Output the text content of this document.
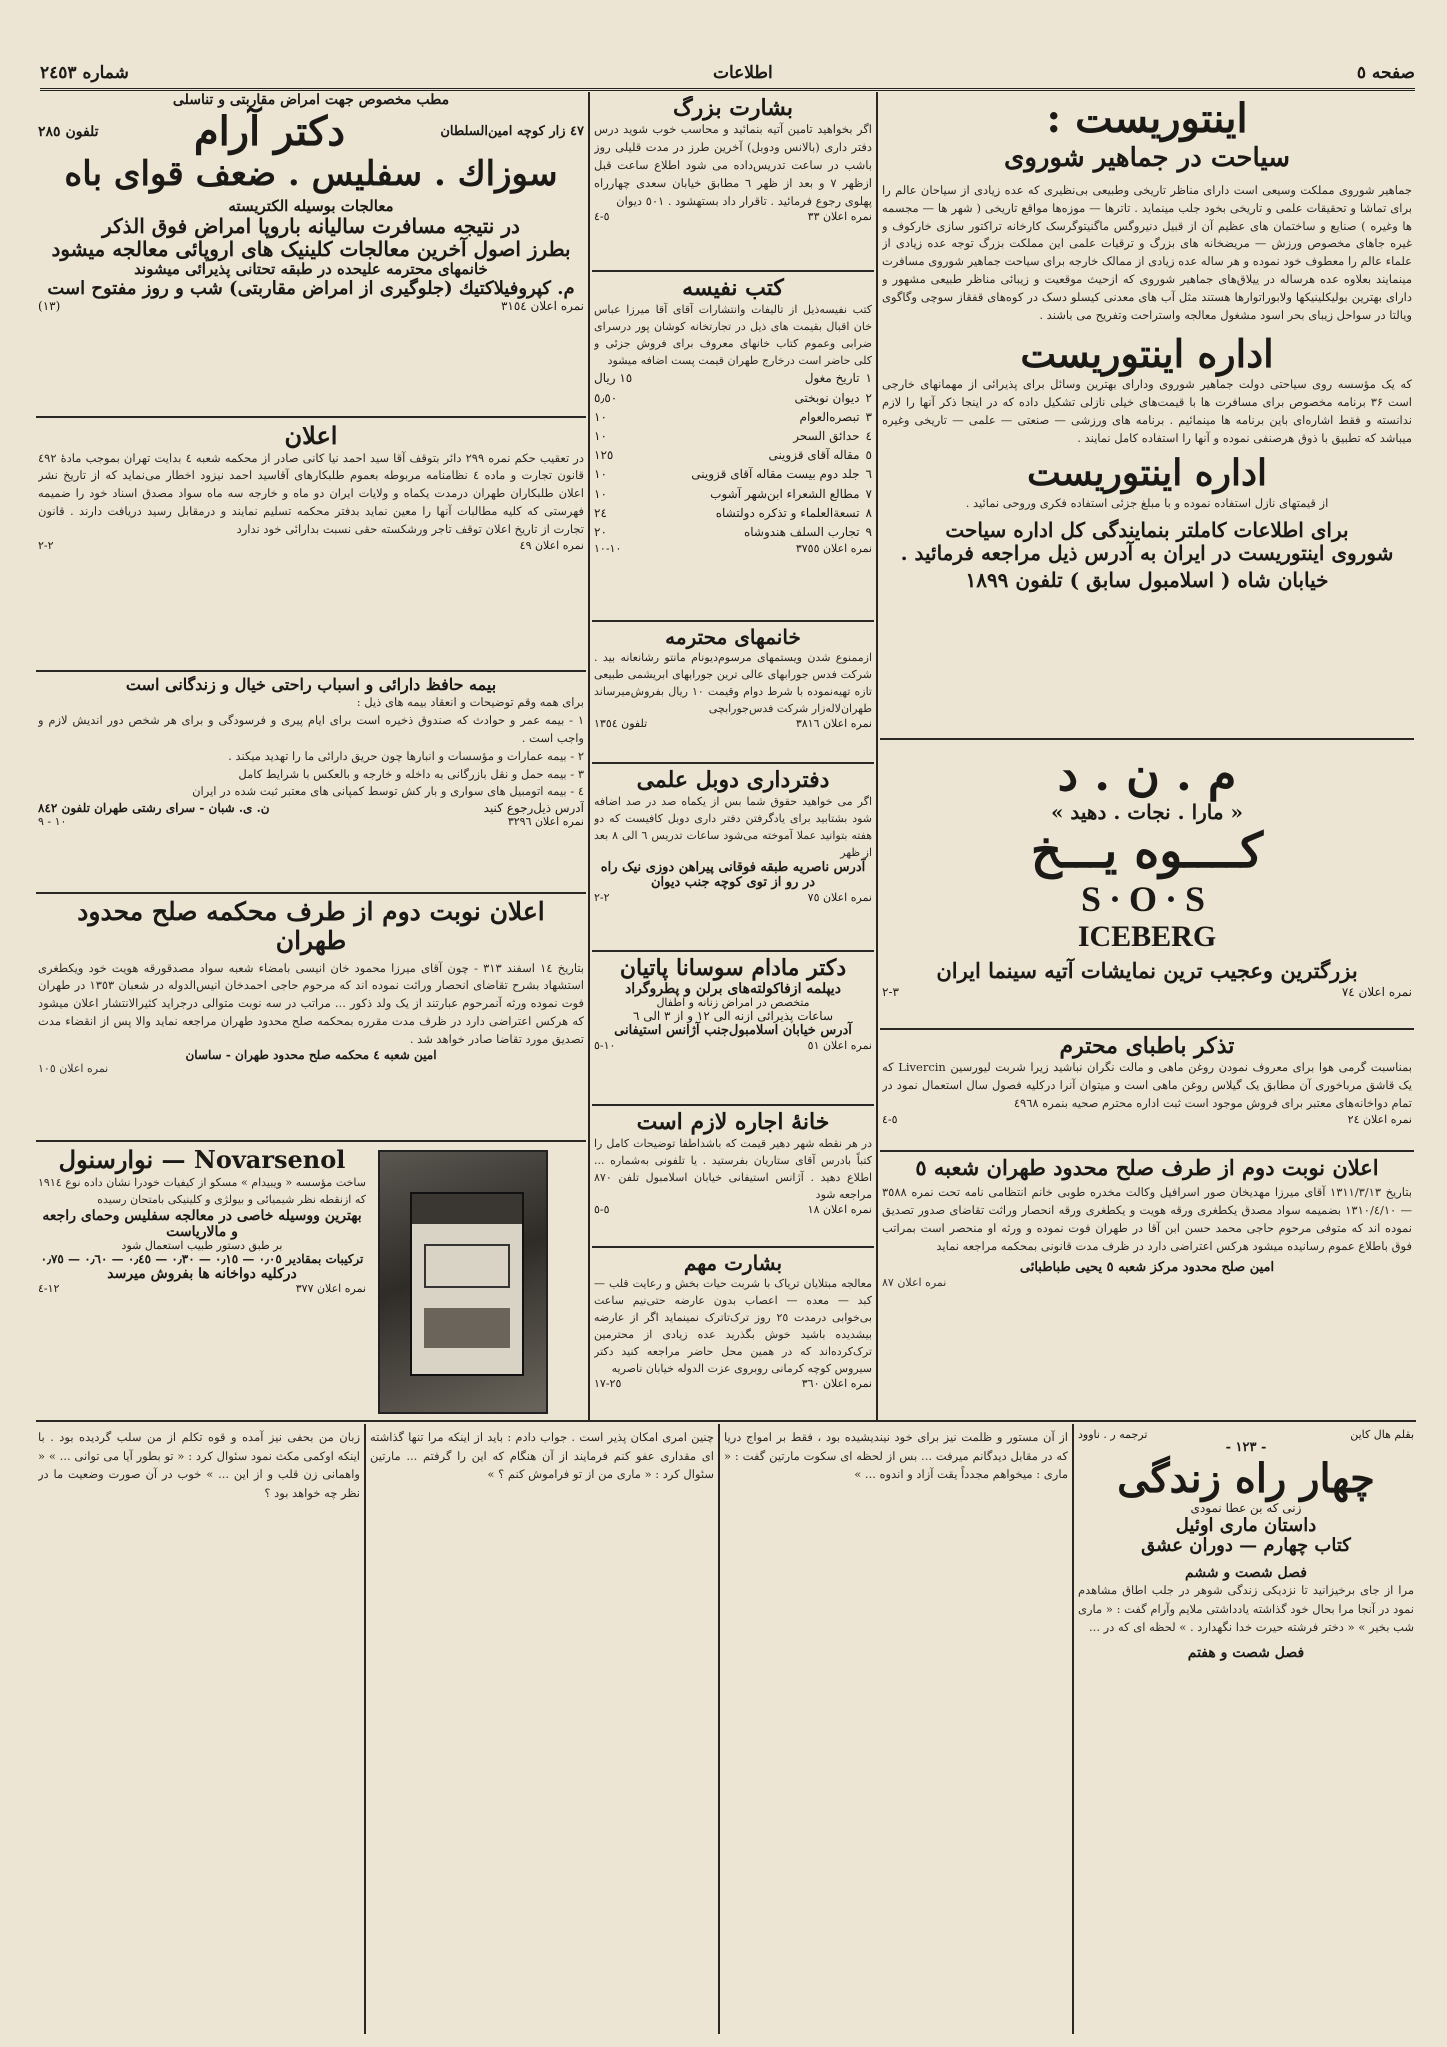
صفحه ٥
اطلاعات
شماره ٢٤٥٣
اینتوریست :
سیاحت در جماهیر شوروی
جماهیر شوروی مملکت وسیعی است دارای مناظر تاریخی وطبیعی بی‌نظیری که عده زیادی از سیاحان عالم را برای تماشا و تحقیقات علمی و تاریخی بخود جلب مینماید . تاترها — موزه‌ها مواقع تاریخی ( شهر ها — مجسمه ها وغیره ) صنایع و ساختمان های عظیم آن از قبیل دنیروگس ماگنیتوگرسک کارخانه تراکتور سازی خارکوف و غیره جاهای مخصوص ورزش — مریضخانه های بزرگ و ترقیات علمی این مملکت بزرگ توجه عده زیادی از علماء عالم را معطوف خود نموده و هر ساله عده زیادی از ممالک خارجه برای سیاحت جماهیر شوروی مسافرت مینمایند بعلاوه عده هرساله در ییلاق‌های جماهیر شوروی که ازحیث موقعیت و زیبائی مناظر طبیعی مشهور و دارای بهترین بولیکلینیکها ولابوراتوارها هستند مثل آب های معدنی کیسلو دسک در کوه‌های قفقاز سوچی وگاگوی ویالتا در سواحل زیبای بحر اسود مشغول معالجه واستراحت وتفریح می باشند .
اداره اینتوریست
که یک مؤسسه روی سیاحتی دولت جماهیر شوروی ودارای بهترین وسائل برای پذیرائی از مهمانهای خارجی است ۳۶ برنامه مخصوص برای مسافرت ها با قیمت‌های خیلی نازلی تشکیل داده که در اینجا ذکر آنها را لازم ندانسته و فقط اشاره‌ای باین برنامه ها مینمائیم . برنامه های ورزشی — صنعتی — علمی — تاریخی وغیره میباشد که تطبیق با ذوق هرصنفی نموده و آنها را استفاده کامل نمایند .
اداره اینتوریست
از قیمتهای نازل استفاده نموده و با مبلغ جزئی استفاده فکری وروحی نمائید .
برای اطلاعات کاملتر بنمایندگی کل اداره سیاحت
شوروی اینتوریست در ایران به آدرس ذیل مراجعه فرمائید .
خیابان شاه ( اسلامبول سابق ) تلفون ۱۸۹۹
م . ن . د
« مارا . نجات . دهید »
کــــوه یـــخ
S·O·S
ICEBERG
بزرگترین وعجیب ترین نمایشات آتیه سینما ایران
نمره اعلان ٧٤
٣-٢
تذکر باطبای محترم
بمناسبت گرمی هوا برای معروف نمودن روغن ماهی و مالت نگران نباشید زیرا شربت ليورسين Livercin که یک قاشق مرباخوری آن مطابق یک گیلاس روغن ماهی است و میتوان آنرا درکلیه فصول سال استعمال نمود در تمام دواخانه‌های معتبر برای فروش موجود است ثبت اداره محترم صحیه بنمره ٤٩٦٨
نمره اعلان ٢٤
٥-٤
اعلان نوبت دوم از طرف صلح محدود طهران شعبه ٥
بتاریخ ١٣١١/٣/١٣ آقای میرزا مهدیخان صور اسرافیل وکالت مخدره طوبی خانم انتظامی نامه تحت نمره ٣٥٨٨ — ١٣١٠/٤/١٠ بضمیمه سواد مصدق یکطغری ورقه هویت و یکطغری ورقه انحصار وراثت تقاضای صدور تصدیق نموده اند که متوفی مرحوم حاجی محمد حسن ابن آقا در طهران فوت نموده و ورثه او منحصر است بمراتب فوق باطلاع عموم رسانیده میشود هرکس اعتراضی دارد در ظرف مدت قانونی بمحکمه مراجعه نماید
امین صلح محدود مرکز شعبه ٥ یحیی طباطبائی
نمره اعلان ٨٧
بشارت بزرگ
اگر بخواهید تامین آتیه بنمائید و محاسب خوب شوید درس دفتر داری (بالانس ودوبل) آخرین طرز در مدت قلیلی روز باشب در ساعت تدریس‌داده می شود اطلاع ساعت قبل ازظهر ٧ و بعد از ظهر ٦ مطابق خیابان سعدی چهارراه پهلوی رجوع فرمائید . تاقرار داد بستهشود . ٥٠١ دیوان
نمره اعلان ٣٣
٥-٤
کتب نفیسه
کتب نفیسه‌ذیل از تالیفات وانتشارات آقای آقا میرزا عباس خان اقبال بقیمت های ذیل در تجارتخانه کوشان پور درسرای ضرابی وعموم کتاب خانهای معروف برای فروش جزئی و کلی حاضر است درخارج طهران قیمت پست اضافه میشود
١تاریخ مغول
١٥ ریال
٢دیوان نوبختی
٥٫٥٠
٣تبصره‌العوام
١٠
٤حدائق السحر
١٠
٥مقاله آقای قزوینی
١٢٥
٦جلد دوم بیست مقاله آقای قزوینی
١٠
٧مطالع الشعراء ابن‌شهر آشوب
١٠
٨تسعةالعلماء و تذکره دولتشاه
٢٤
٩تجارب السلف هندوشاه
٢٠
نمره اعلان ٣٧٥٥
١٠-١٠
خانمهای محترمه
ازممنوع شدن ویستمهای مرسوم‌دیونام مانتو رشانعانه بید . شرکت فدس جورابهای عالی ترین جورابهای ابریشمی طبیعی تازه تهیه‌نموده با شرط دوام وقیمت ١٠ ریال بفروش‌میرساند طهران‌لاله‌زار شرکت فدس‌جورابچی
نمره اعلان ٣٨١٦
تلفون ١٣٥٤
دفترداری دوبل علمی
اگر می خواهید حقوق شما بس از یکماه صد در صد اضافه شود بشتابید برای یادگرفتن دفتر داری دوبل کافیست که دو هفته بتوانید عملا آموخته می‌شود ساعات تدریس ٦ الی ٨ بعد از ظهر
آدرس ناصریه طبقه فوقانی پیراهن دوزی نیک راه در رو از توی کوچه جنب دیوان
نمره اعلان ٧٥
٢-٢
دکتر مادام سوسانا پاتیان
دیپلمه ازفاکولته‌های برلن و پطروگراد
متخصص در امراض زنانه و اطفال
ساعات پذیرائی ازنه الی ١٢ و از ٣ الی ٦
آدرس خیابان اسلامبول‌جنب آژانس استیفانی
نمره اعلان ٥١
١٠-٥
خانهٔ اجاره لازم است
در هر نقطه شهر دهیر قیمت که باشداطفا توضیحات کامل را کتباً بادرس آقای ستاریان بفرستید . یا تلفونی به‌شماره ... اطلاع دهید . آژانس استیفانی خیابان اسلامبول تلفن ٨٧٠ مراجعه شود
نمره اعلان ١٨
٥-٥
بشارت مهم
معالجه مبتلایان تریاک با شربت حیات بخش و رعایت قلب — کبد — معده — اعصاب بدون عارضه حتی‌نیم ساعت بی‌خوابی درمدت ٢٥ روز ترک‌تاترک‌ نمینماید اگر از عارضه بیشدیده باشید خوش بگذرید عده زیادی از محترمین ترک‌کرده‌اند که در همین محل حاضر مراجعه کنید دکتر سیروس‌ کوچه کرمانی روبروی عزت الدوله خیابان ناصریه
نمره اعلان ٣٦٠
٢٥-١٧
مطب مخصوص جهت امراض مقاربتی و تناسلی
٤٧ زار کوچه امین‌السلطان
دکتر آرام
تلفون ٢٨٥
سوزاك . سفلیس . ضعف قوای باه
معالجات بوسیله الکتریسته
در نتیجه مسافرت سالیانه باروپا امراض فوق الذکر
بطرز اصول آخرین معالجات کلینیک های اروپائی معالجه میشود
خانمهای محترمه علیحده در طبقه تحتانی پذیرائی میشوند
م. کپروفیلاکتیك (جلوگیری از امراض مقاربتی) شب و روز مفتوح است
نمره اعلان ٣١٥٤
(١٣)
اعلان
در تعقیب حکم نمره ٢٩٩ دائر بتوقف آقا سید احمد نیا کانی صادر از محکمه شعبه ٤ بدایت تهران بموجب مادهٔ ٤٩٢ قانون تجارت و ماده ٤ نظامنامه مربوطه بعموم طلبکارهای آقاسید احمد نیزود اخطار می‌نماید که از تاریخ نشر اعلان طلبکاران طهران درمدت یکماه و ولایات ایران دو ماه و خارجه سه ماه سواد مصدق اسناد خود را ضمیمه فهرستی که کلیه مطالبات آنها را معین نماید بدفتر محکمه تسلیم نمایند و درمقابل رسید دریافت دارند . قانون تجارت از تاریخ اعلان توقف تاجر ورشکسته حقی نسبت بدارائی خود ندارد
نمره اعلان ٤٩
٢-٢
بیمه حافظ دارائی و اسباب راحتی خیال و زندگانی است
برای همه وقم توضیحات و انعقاد بیمه های ذیل :
١ - بیمه عمر و حوادث که صندوق ذخیره است برای ایام پیری و فرسودگی و برای هر شخص دور اندیش لازم و واجب است .
٢ - بیمه عمارات و مؤسسات و انبارها چون حریق دارائی ما را تهدید میکند .
٣ - بیمه حمل و نقل بازرگانی به داخله و خارجه و بالعکس با شرایط کامل
٤ - بیمه اتومبیل های سواری و بار کش توسط کمپانی های معتبر ثبت شده در ایران
آدرس ذیل‌رجوع کنید
ن. ی. شبان - سرای رشتی طهران تلفون ٨٤٢
نمره اعلان ٣٢٩٦
١٠ - ٩
اعلان نوبت دوم از طرف محکمه صلح محدود طهران
بتاریخ ١٤ اسفند ٣١٣ - چون آقای میرزا محمود خان انیسی بامضاء شعبه سواد مصدقورقه هویت خود ویکطغری استشهاد بشرح تقاضای انحصار وراثت نموده اند که مرحوم حاجی احمدخان انیس‌الدوله در شعبان ١٣٥٣ در طهران فوت نموده ورثه آنمرحوم عبارتند از یک ولد ذکور ... مراتب در سه نوبت متوالی درجراید کثیرالانتشار اعلان میشود که هرکس اعتراضی دارد در ظرف مدت مقرره بمحکمه صلح محدود طهران مراجعه نماید والا پس از انقضاء مدت تصدیق مورد تقاضا صادر خواهد شد .
امین شعبه ٤ محکمه صلح محدود طهران - ساسان
نمره اعلان ١٠٥
Novarsenol — نوارسنول
ساخت مؤسسه « ویبیدام » مسکو از کیفیات خودرا نشان داده نوع ١٩١٤ که ازنقطه نظر شیمیائی و بیولژی و کلینیکی بامتحان رسیده
بهترین ووسیله خاصی در معالجه سفلیس وحمای راجعه و مالاریاست
بر طبق دستور طبیب استعمال شود
ترکیبات بمقادیر ٠٫٠٥ — ٠٫١٥ — ٠٫٣٠ — ٠٫٤٥ — ٠٫٦٠ — ٠٫٧٥
درکلیه دواخانه ها بفروش میرسد
نمره اعلان ٣٧٧
١٢-٤
بقلم هال کاین
ترجمه ر . ناوود
- ١٢٣ -
چهار راه زندگی
زنی که بن عطا نمودی
داستان ماری اوئیل
کتاب چهارم — دوران عشق
فصل شصت و ششم
مرا از جای برخیزانید تا نزدیکی زندگی شوهر در جلب اطاق مشاهدم نمود در آنجا مرا بحال خود گذاشته یادداشتی ملایم وآرام گفت : « ماری شب بخیر » « دختر فرشته حیرت خدا نگهدارد . » لحظه ای که در ...
فصل شصت و هفتم
از آن مستور و ظلمت نیز برای خود نیندیشیده بود ، فقط بر امواج دریا که در مقابل دیدگانم میرفت ... بس از لحظه ای سکوت مارتین گفت : « ماری : میخواهم مجدداً یقت آزاد و اندوه ... »
چنین امری امکان ‌پذیر است . جواب دادم : باید از اینکه مرا تنها گذاشته ای مقداری عفو کنم فرمایند از آن هنگام که این را گرفتم ... مارتین سئوال کرد : « ماری من از تو فراموش کنم ؟ »
زبان من بحفی نیز آمده و قوه تکلم از من سلب گردیده بود . با اینکه اوکمی مکث نمود سئوال کرد : « تو بطور آیا می توانی ... » « واهمانی زن قلب و از این ... » خوب در آن صورت وضعیت ما در نظر چه خواهد بود ؟
